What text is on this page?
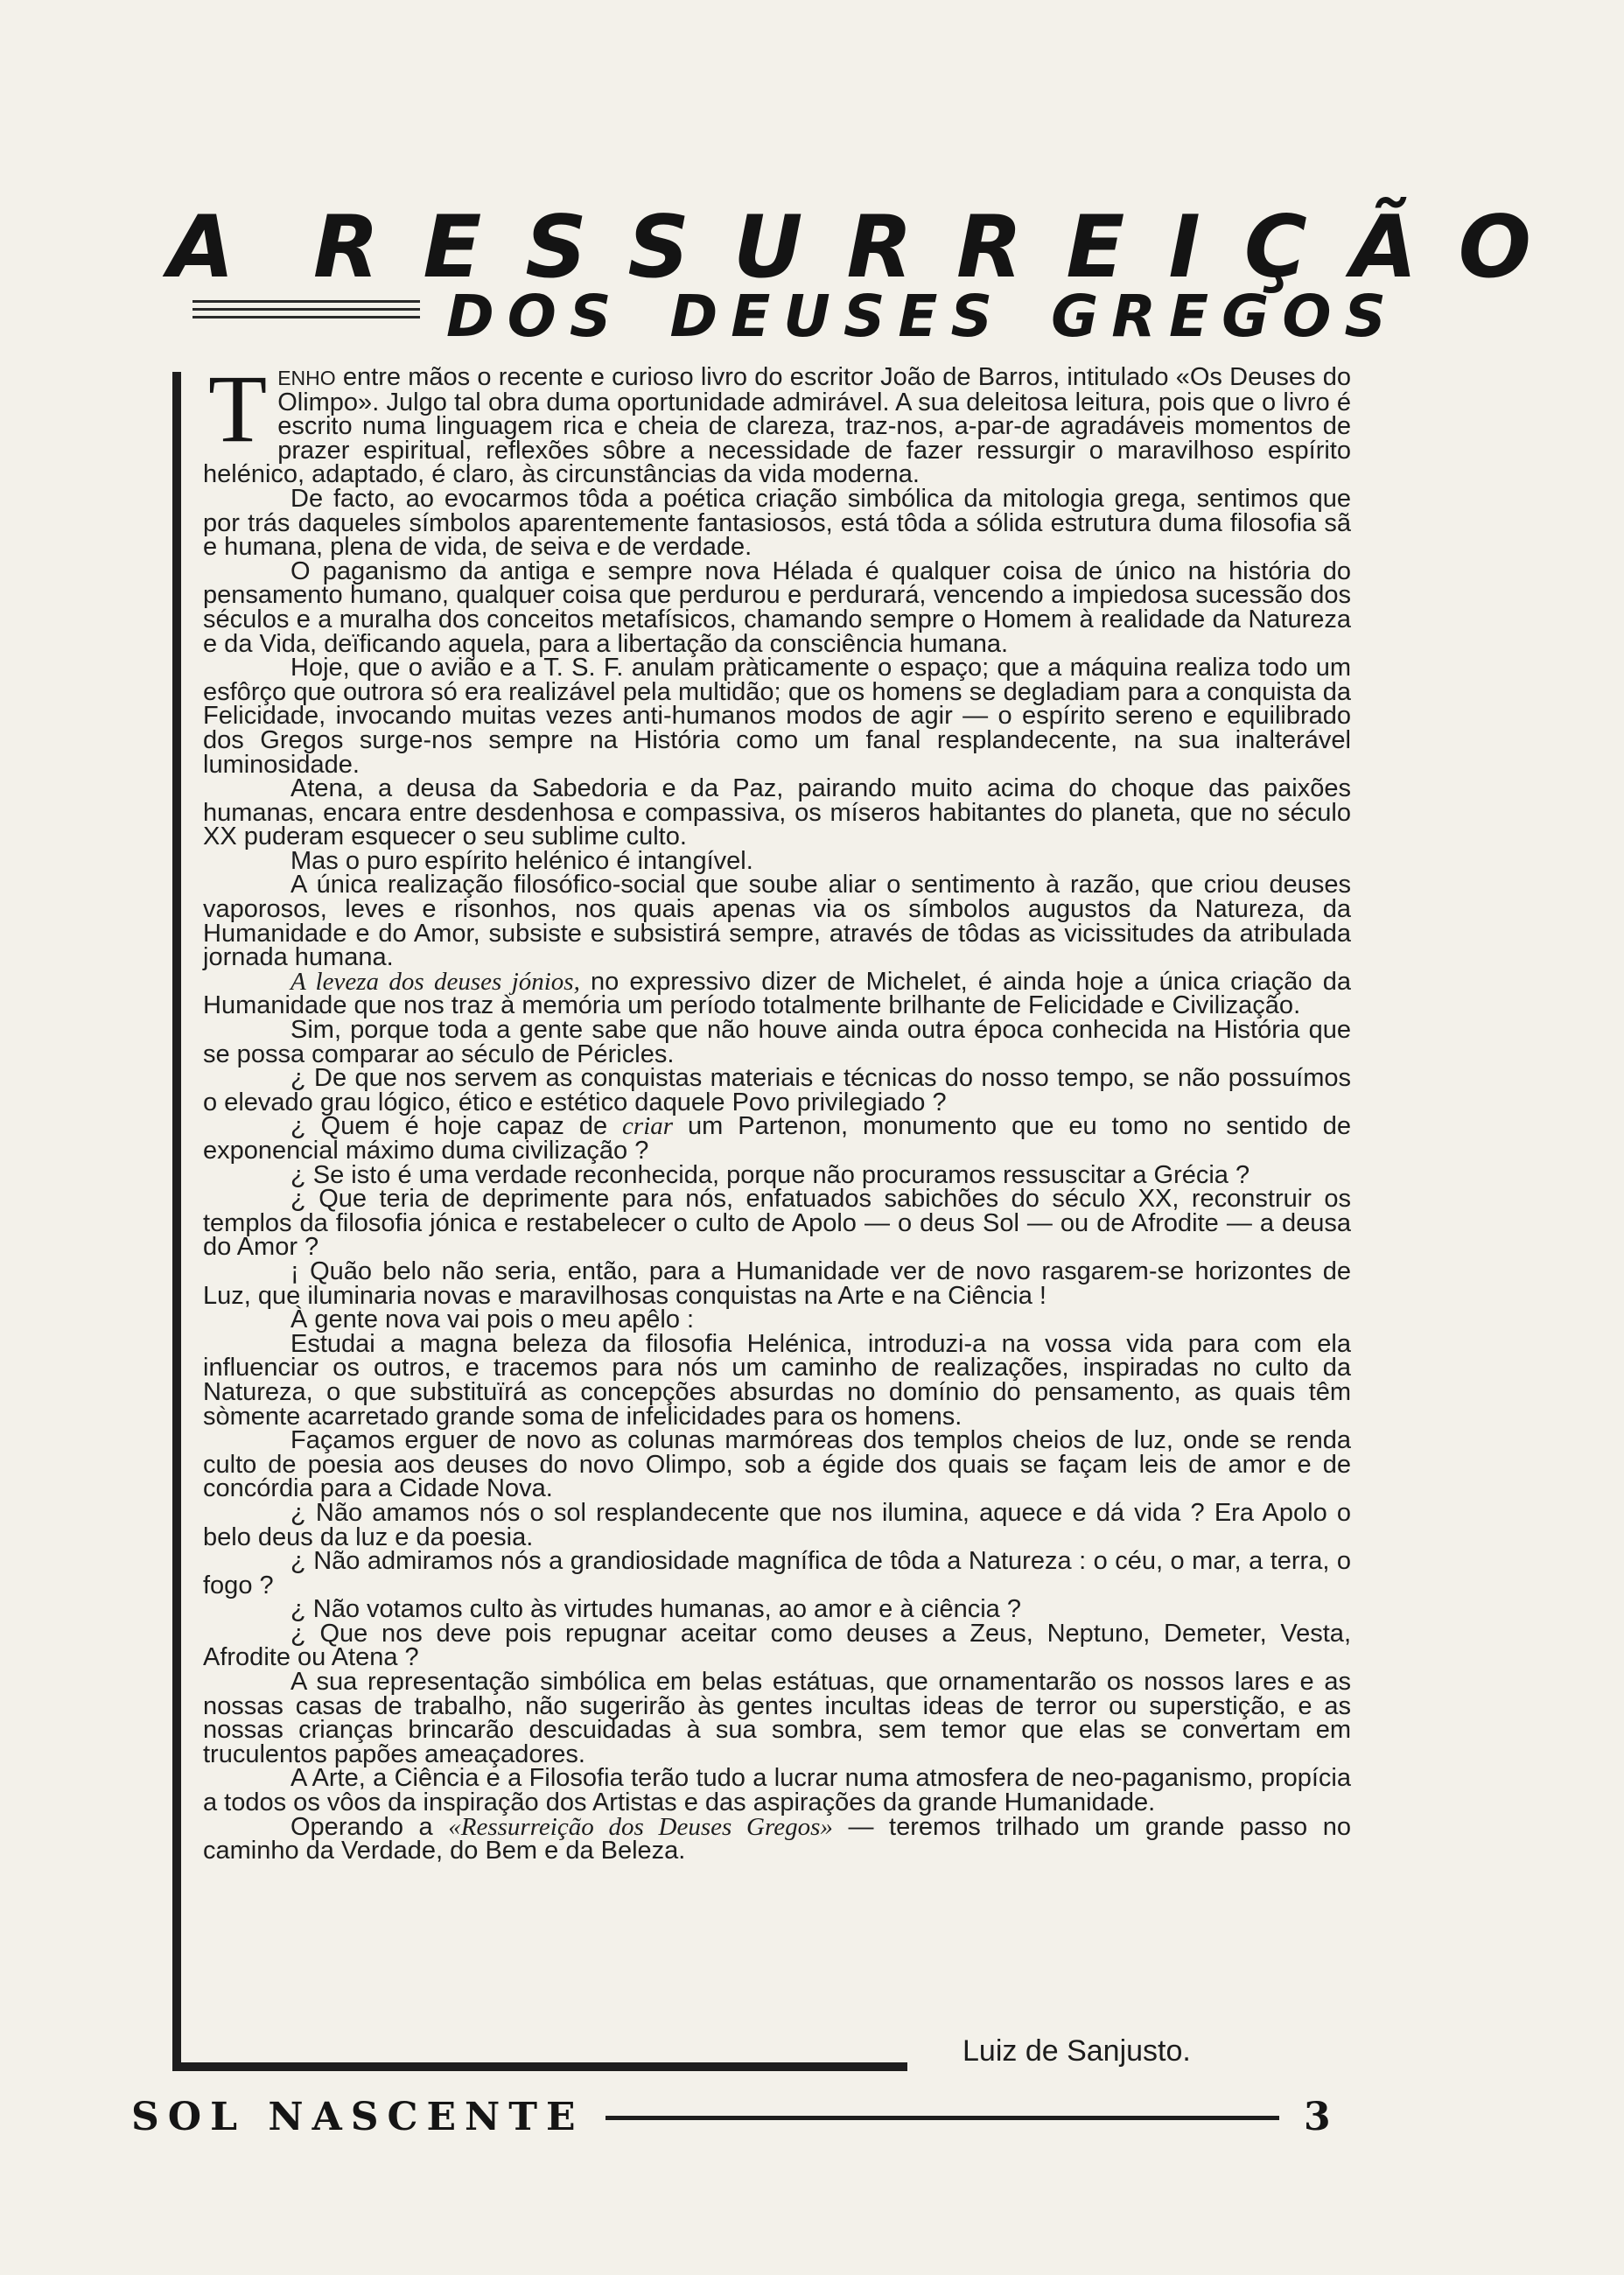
A RESSURREIÇÃO
DOS DEUSES GREGOS

TENHO entre mãos o recente e curioso livro do escritor João de Barros, intitulado «Os Deuses do Olimpo». Julgo tal obra duma oportunidade admirável. A sua deleitosa leitura, pois que o livro é escrito numa linguagem rica e cheia de clareza, traz-nos, a-par-de agradáveis momentos de prazer espiritual, reflexões sôbre a necessidade de fazer ressurgir o maravilhoso espírito helénico, adaptado, é claro, às circunstâncias da vida moderna.

De facto, ao evocarmos tôda a poética criação simbólica da mitologia grega, sentimos que por trás daqueles símbolos aparentemente fantasiosos, está tôda a sólida estrutura duma filosofia sã e humana, plena de vida, de seiva e de verdade.

O paganismo da antiga e sempre nova Hélada é qualquer coisa de único na história do pensamento humano, qualquer coisa que perdurou e perdurará, vencendo a impiedosa sucessão dos séculos e a muralha dos conceitos metafísicos, chamando sempre o Homem à realidade da Natureza e da Vida, deïficando aquela, para a libertação da consciência humana.

Hoje, que o avião e a T. S. F. anulam pràticamente o espaço; que a máquina realiza todo um esfôrço que outrora só era realizável pela multidão; que os homens se degladiam para a conquista da Felicidade, invocando muitas vezes anti-humanos modos de agir — o espírito sereno e equilibrado dos Gregos surge-nos sempre na História como um fanal resplandecente, na sua inalterável luminosidade.

Atena, a deusa da Sabedoria e da Paz, pairando muito acima do choque das paixões humanas, encara entre desdenhosa e compassiva, os míseros habitantes do planeta, que no século XX puderam esquecer o seu sublime culto.

Mas o puro espírito helénico é intangível.

A única realização filosófico-social que soube aliar o sentimento à razão, que criou deuses vaporosos, leves e risonhos, nos quais apenas via os símbolos augustos da Natureza, da Humanidade e do Amor, subsiste e subsistirá sempre, através de tôdas as vicissitudes da atribulada jornada humana.

A leveza dos deuses jónios, no expressivo dizer de Michelet, é ainda hoje a única criação da Humanidade que nos traz à memória um período totalmente brilhante de Felicidade e Civilização.

Sim, porque toda a gente sabe que não houve ainda outra época conhecida na História que se possa comparar ao século de Péricles.

¿ De que nos servem as conquistas materiais e técnicas do nosso tempo, se não possuímos o elevado grau lógico, ético e estético daquele Povo privilegiado ?

¿ Quem é hoje capaz de criar um Partenon, monumento que eu tomo no sentido de exponencial máximo duma civilização ?

¿ Se isto é uma verdade reconhecida, porque não procuramos ressuscitar a Grécia ?

¿ Que teria de deprimente para nós, enfatuados sabichões do século XX, reconstruir os templos da filosofia jónica e restabelecer o culto de Apolo — o deus Sol — ou de Afrodite — a deusa do Amor ?

¡ Quão belo não seria, então, para a Humanidade ver de novo rasgarem-se horizontes de Luz, que iluminaria novas e maravilhosas conquistas na Arte e na Ciência !

À gente nova vai pois o meu apêlo :

Estudai a magna beleza da filosofia Helénica, introduzi-a na vossa vida para com ela influenciar os outros, e tracemos para nós um caminho de realizações, inspiradas no culto da Natureza, o que substituïrá as concepções absurdas no domínio do pensamento, as quais têm sòmente acarretado grande soma de infelicidades para os homens.

Façamos erguer de novo as colunas marmóreas dos templos cheios de luz, onde se renda culto de poesia aos deuses do novo Olimpo, sob a égide dos quais se façam leis de amor e de concórdia para a Cidade Nova.

¿ Não amamos nós o sol resplandecente que nos ilumina, aquece e dá vida ? Era Apolo o belo deus da luz e da poesia.

¿ Não admiramos nós a grandiosidade magnífica de tôda a Natureza : o céu, o mar, a terra, o fogo ?

¿ Não votamos culto às virtudes humanas, ao amor e à ciência ?

¿ Que nos deve pois repugnar aceitar como deuses a Zeus, Neptuno, Demeter, Vesta, Afrodite ou Atena ?

A sua representação simbólica em belas estátuas, que ornamentarão os nossos lares e as nossas casas de trabalho, não sugerirão às gentes incultas ideas de terror ou superstição, e as nossas crianças brincarão descuidadas à sua sombra, sem temor que elas se convertam em truculentos papões ameaçadores.

A Arte, a Ciência e a Filosofia terão tudo a lucrar numa atmosfera de neo-paganismo, propícia a todos os vôos da inspiração dos Artistas e das aspirações da grande Humanidade.

Operando a «Ressurreição dos Deuses Gregos» — teremos trilhado um grande passo no caminho da Verdade, do Bem e da Beleza.

Luiz de Sanjusto.
SOL NASCENTE	3
